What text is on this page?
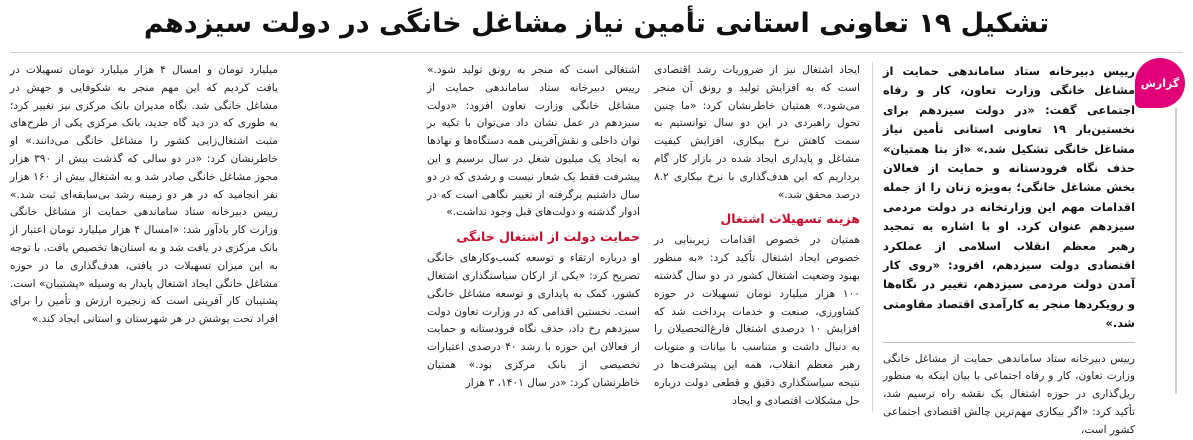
تشکیل ۱۹ تعاونی استانی تأمین نیاز مشاغل خانگی در دولت سیزدهم
گزارش

رییس دبیرخانه ستاد ساماندهی حمایت از مشاغل خانگی وزارت تعاون، کار و رفاه اجتماعی گفت: «در دولت سیزدهم برای نخستین‌بار ۱۹ تعاونی استانی تأمین نیاز مشاغل خانگی تشکیل شد.» «از بتا همتیان» حذف نگاه فرودستانه و حمایت از فعالان بخش مشاغل خانگی؛ به‌ویژه زنان را از جمله اقدامات مهم این وزارتخانه در دولت مردمی سیزدهم عنوان کرد. او با اشاره به تمجید رهبر معظم انقلاب اسلامی از عملکرد اقتصادی دولت سیزدهم، افزود: «روی کار آمدن دولت مردمی سیزدهم، تغییر در نگاه‌ها و رویکردها منجر به کارآمدی اقتصاد مقاومتی شد.»

رییس دبیرخانه ستاد ساماندهی حمایت از مشاغل خانگی وزارت تعاون، کار و رفاه اجتماعی با بیان اینکه به منظور ریل‌گذاری در حوزه اشتغال یک نقشه راه ترسیم شد، تأکید کرد: «اگر بیکاری مهم‌ترین چالش اقتصادی اجتماعی کشور است،

ایجاد اشتغال نیز از ضروریات رشد اقتصادی است که به افزایش تولید و رونق آن منجر می‌شود.» همتیان خاطرنشان کرد: «ما چنین تحول راهبردی در این دو سال توانستیم به سمت کاهش نرخ بیکاری، افزایش کیفیت مشاغل و پایداری ایجاد شده در بازار کار گام برداریم که این هدف‌گذاری با نرخ بیکاری ۸.۲ درصد محقق شد.»

هزینه تسهیلات اشتغال

همتیان در خصوص اقدامات زیربنایی در خصوص ایجاد اشتغال تأکید کرد: «به منظور بهبود وضعیت اشتغال کشور در دو سال گذشته ۱۰۰ هزار میلیارد تومان تسهیلات در حوزه کشاورزی، صنعت و خدمات پرداخت شد که افزایش ۱۰ درصدی اشتغال فارغ‌التحصیلان را به دنبال داشت و متناسب با بیانات و منویات رهبر معظم انقلاب، همه این پیشرفت‌ها در نتیجه سیاستگذاری دقیق و قطعی دولت درباره حل مشکلات اقتصادی و ایجاد

اشتغالی است که منجر به رونق تولید شود.» رییس دبیرخانه ستاد ساماندهی حمایت از مشاغل خانگی وزارت تعاون افزود: «دولت سیزدهم در عمل نشان داد می‌توان با تکیه بر توان داخلی و نقش‌آفرینی همه دستگاه‌ها و نهادها به ایجاد یک میلیون شغل در سال برسیم و این پیشرفت فقط یک شعار نیست و رشدی که در دو سال داشتیم برگرفته از تغییر نگاهی است که در ادوار گذشته و دولت‌های قبل وجود نداشت.»

حمایت دولت از اشتغال خانگی

او درباره ارتقاء و توسعه کسب‌وکارهای خانگی تصریح کرد: «یکی از ارکان سیاستگذاری اشتغال کشور، کمک به پایداری و توسعه مشاغل خانگی است. نخستین اقدامی که در وزارت تعاون دولت سیزدهم رخ داد، حذف نگاه فرودستانه و حمایت از فعالان این حوزه با رشد ۴۰ درصدی اعتبارات تخصیصی از بانک مرکزی بود.» همتیان خاطرنشان کرد: «در سال ۱۴۰۱، ۳ هزار

میلیارد تومان و امسال ۴ هزار میلیارد تومان تسهیلات در یافت کردیم که این مهم منجر به شکوفایی و جهش در مشاغل خانگی شد. نگاه مدیران بانک مرکزی نیز تغییر کرد؛ به طوری که در دید گاه جدید، بانک مرکزی یکی از طرح‌های مثبت اشتغال‌زایی کشور را مشاغل خانگی می‌دانند.» او خاطرنشان کرد: «در دو سالی که گذشت بیش از ۳۹۰ هزار مجوز مشاغل خانگی صادر شد و به اشتغال بیش از ۱۶۰ هزار نفر انجامید که در هر دو زمینه رشد بی‌سابقه‌ای ثبت شد.» رییس دبیرخانه ستاد ساماندهی حمایت از مشاغل خانگی وزارت کار یادآور شد: «امسال ۴ هزار میلیارد تومان اعتبار از بانک مرکزی در یافت شد و به استان‌ها تخصیص یافت. با توجه به این میزان تسهیلات در یافتی، هدف‌گذاری ما در حوزه مشاغل خانگی ایجاد اشتغال پایدار به وسیله «پشتیبان» است. پشتیبان کار آفرینی است که زنجیره ارزش و تأمین را برای افراد تحت پوشش در هر شهرستان و استانی ایجاد کند.»
